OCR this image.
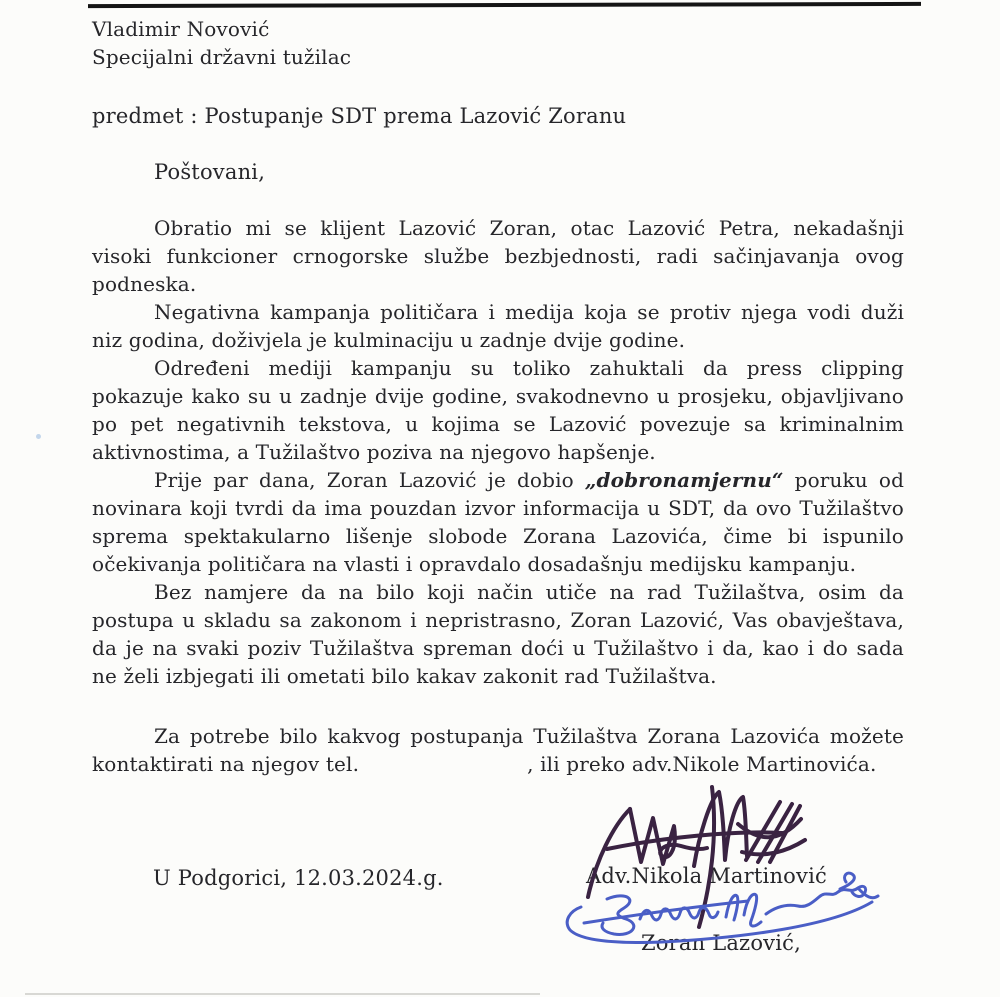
Vladimir Novović
Specijalni državni tužilac
predmet : Postupanje SDT prema Lazović Zoranu
Poštovani,
Obratio mi se klijent Lazović Zoran, otac Lazović Petra, nekadašnji
visoki funkcioner crnogorske službe bezbjednosti, radi sačinjavanja ovog
podneska.
Negativna kampanja političara i medija koja se protiv njega vodi duži
niz godina, doživjela je kulminaciju u zadnje dvije godine.
Određeni mediji kampanju su toliko zahuktali da press clipping
pokazuje kako su u zadnje dvije godine, svakodnevno u prosjeku, objavljivano
po pet negativnih tekstova, u kojima se Lazović povezuje sa kriminalnim
aktivnostima, a Tužilaštvo poziva na njegovo hapšenje.
Prije par dana, Zoran Lazović je dobio „dobronamjernu“ poruku od
novinara koji tvrdi da ima pouzdan izvor informacija u SDT, da ovo Tužilaštvo
sprema spektakularno lišenje slobode Zorana Lazovića, čime bi ispunilo
očekivanja političara na vlasti i opravdalo dosadašnju medijsku kampanju.
Bez namjere da na bilo koji način utiče na rad Tužilaštva, osim da
postupa u skladu sa zakonom i nepristrasno, Zoran Lazović, Vas obavještava,
da je na svaki poziv Tužilaštva spreman doći u Tužilaštvo i da, kao i do sada
ne želi izbjegati ili ometati bilo kakav zakonit rad Tužilaštva.
Za potrebe bilo kakvog postupanja Tužilaštva Zorana Lazovića možete
kontaktirati na njegov tel.	, ili preko adv.Nikole Martinovića.
U Podgorici, 12.03.2024.g.	Adv.Nikola Martinović
Zoran Lazović,
